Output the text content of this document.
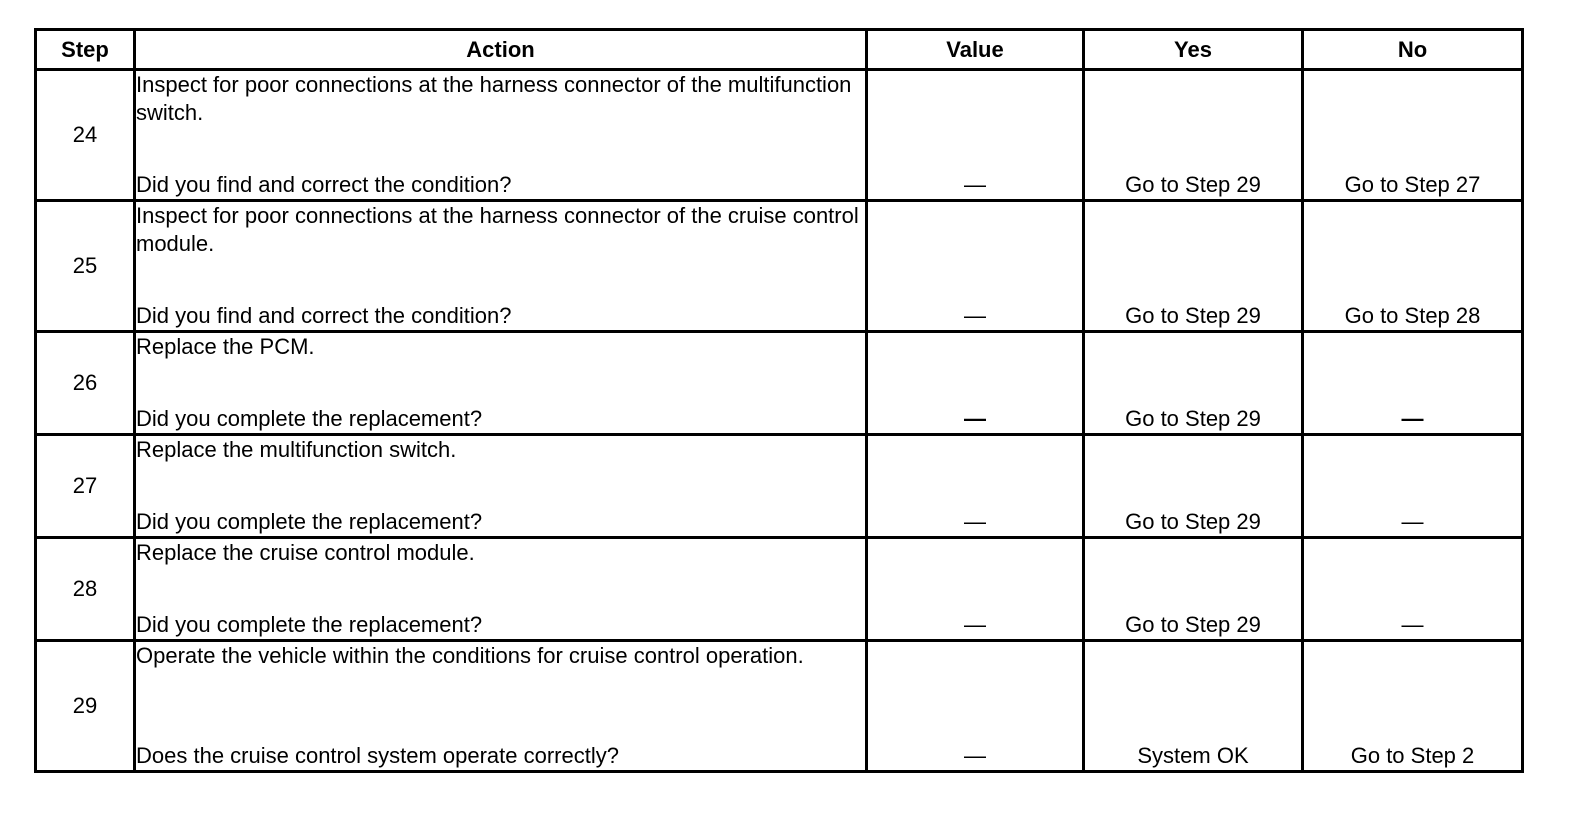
Step	Action	Value	Yes	No
24	Inspect for poor connections at the harness connector of the multifunction switch.
Did you find and correct the condition?	—	Go to Step 29	Go to Step 27
25	Inspect for poor connections at the harness connector of the cruise control module.
Did you find and correct the condition?	—	Go to Step 29	Go to Step 28
26	Replace the PCM.
Did you complete the replacement?	—	Go to Step 29	—
27	Replace the multifunction switch.
Did you complete the replacement?	—	Go to Step 29	—
28	Replace the cruise control module.
Did you complete the replacement?	—	Go to Step 29	—
29	Operate the vehicle within the conditions for cruise control operation.
Does the cruise control system operate correctly?	—	System OK	Go to Step 2
